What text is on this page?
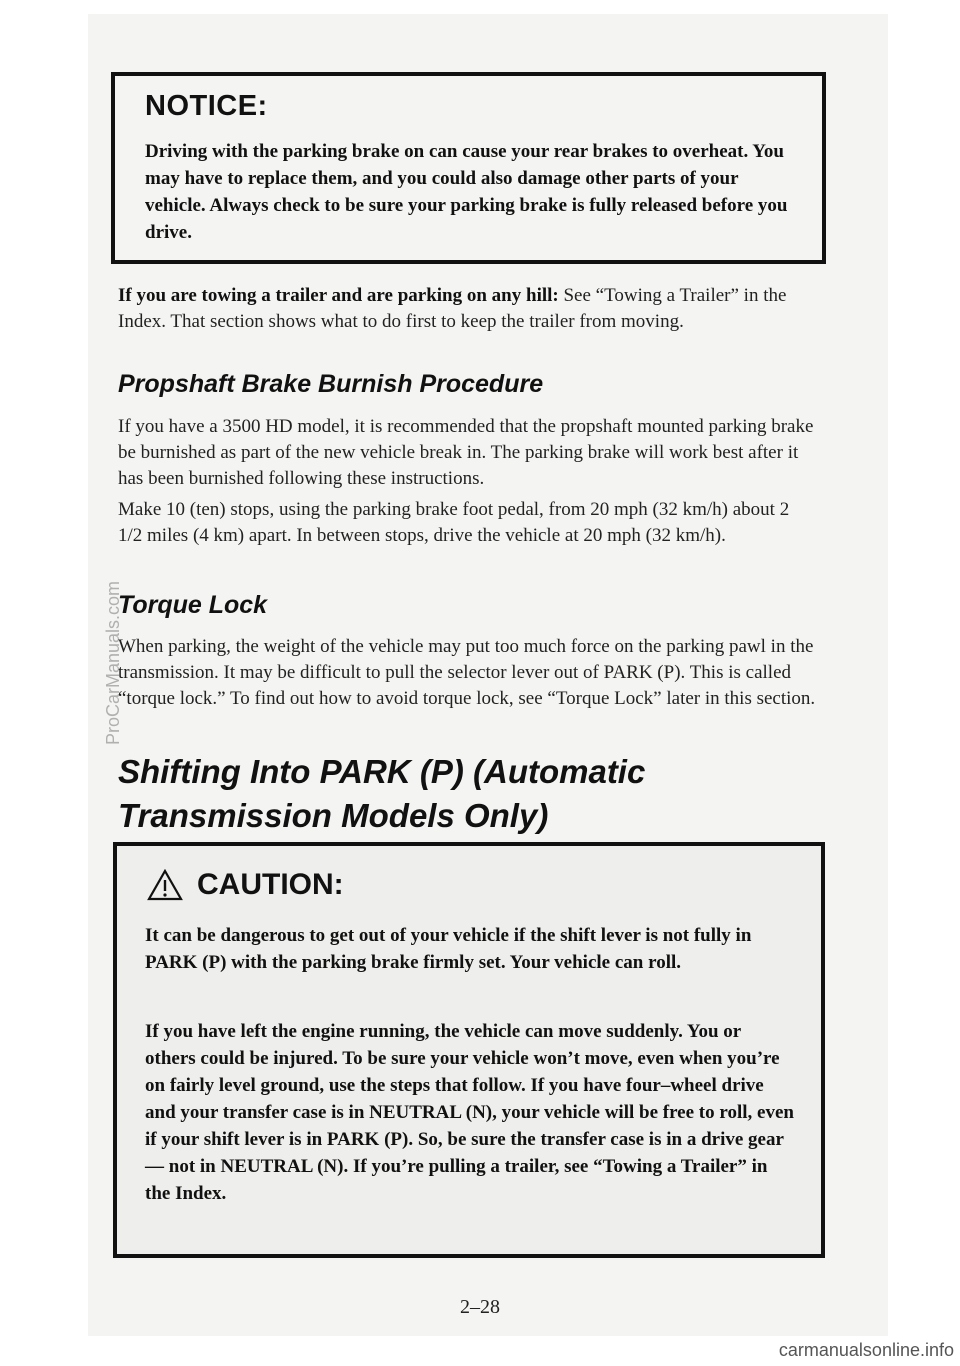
NOTICE:
Driving with the parking brake on can cause your rear brakes to overheat. You may have to replace them, and you could also damage other parts of your vehicle. Always check to be sure your parking brake is fully released before you drive.
If you are towing a trailer and are parking on any hill: See “Towing a Trailer” in the Index. That section shows what to do first to keep the trailer from moving.
Propshaft Brake Burnish Procedure
If you have a 3500 HD model, it is recommended that the propshaft mounted parking brake be burnished as part of the new vehicle break in. The parking brake will work best after it has been burnished following these instructions.
Make 10 (ten) stops, using the parking brake foot pedal, from 20 mph (32 km/h) about 2 1/2 miles (4 km) apart. In between stops, drive the vehicle at 20 mph (32 km/h).
Torque Lock
When parking, the weight of the vehicle may put too much force on the parking pawl in the transmission. It may be difficult to pull the selector lever out of PARK (P). This is called “torque lock.” To find out how to avoid torque lock, see “Torque Lock” later in this section.
Shifting Into PARK (P) (Automatic Transmission Models Only)
CAUTION:
It can be dangerous to get out of your vehicle if the shift lever is not fully in PARK (P) with the parking brake firmly set. Your vehicle can roll.
If you have left the engine running, the vehicle can move suddenly. You or others could be injured. To be sure your vehicle won’t move, even when you’re on fairly level ground, use the steps that follow. If you have four–wheel drive and your transfer case is in NEUTRAL (N), your vehicle will be free to roll, even if your shift lever is in PARK (P). So, be sure the transfer case is in a drive gear — not in NEUTRAL (N). If you’re pulling a trailer, see “Towing a Trailer” in the Index.
2–28
ProCarManuals.com
carmanualsonline.info
